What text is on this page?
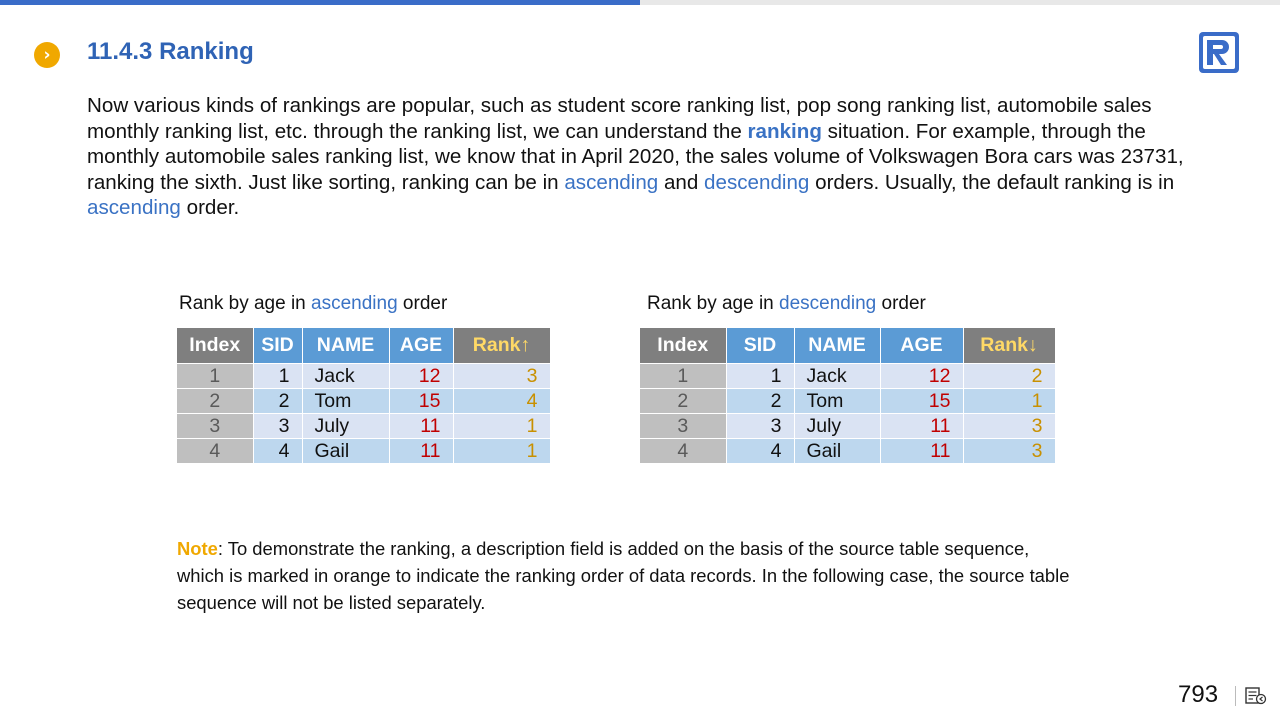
›	11.4.3 Ranking
Now various kinds of rankings are popular, such as student score ranking list, pop song ranking list, automobile sales monthly ranking list, etc. through the ranking list, we can understand the ranking situation. For example, through the monthly automobile sales ranking list, we know that in April 2020, the sales volume of Volkswagen Bora cars was 23731, ranking the sixth. Just like sorting, ranking can be in ascending and descending orders. Usually, the default ranking is in ascending order.
Rank by age in ascending order
Index	SID	NAME	AGE	Rank↑
1	1	Jack	12	3
2	2	Tom	15	4
3	3	July	11	1
4	4	Gail	11	1
Rank by age in descending order
Index	SID	NAME	AGE	Rank↓
1	1	Jack	12	2
2	2	Tom	15	1
3	3	July	11	3
4	4	Gail	11	3
Note: To demonstrate the ranking, a description field is added on the basis of the source table sequence, which is marked in orange to indicate the ranking order of data records. In the following case, the source table sequence will not be listed separately.
793
